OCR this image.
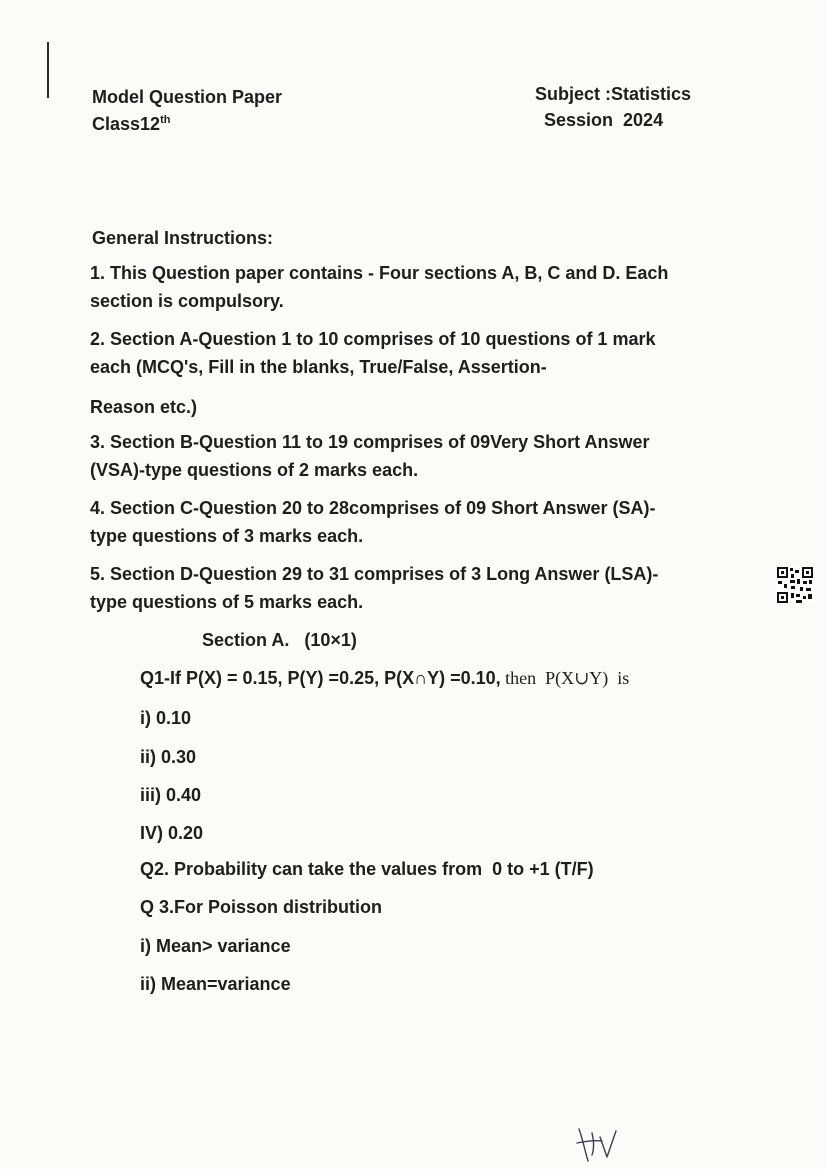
Model Question Paper
Class12th
Subject :Statistics
Session  2024
General Instructions:
1. This Question paper contains - Four sections A, B, C and D. Each
section is compulsory.
2. Section A-Question 1 to 10 comprises of 10 questions of 1 mark
each (MCQ's, Fill in the blanks, True/False, Assertion-
Reason etc.)
3. Section B-Question 11 to 19 comprises of 09Very Short Answer
(VSA)-type questions of 2 marks each.
4. Section C-Question 20 to 28comprises of 09 Short Answer (SA)-
type questions of 3 marks each.
5. Section D-Question 29 to 31 comprises of 3 Long Answer (LSA)-
type questions of 5 marks each.
Section A.   (10×1)
Q1-If P(X) = 0.15, P(Y) =0.25, P(X∩Y) =0.10, then  P(X∪Y)  is
i) 0.10
ii) 0.30
iii) 0.40
IV) 0.20
Q2. Probability can take the values from  0 to +1 (T/F)
Q 3.For Poisson distribution
i) Mean> variance
ii) Mean=variance
